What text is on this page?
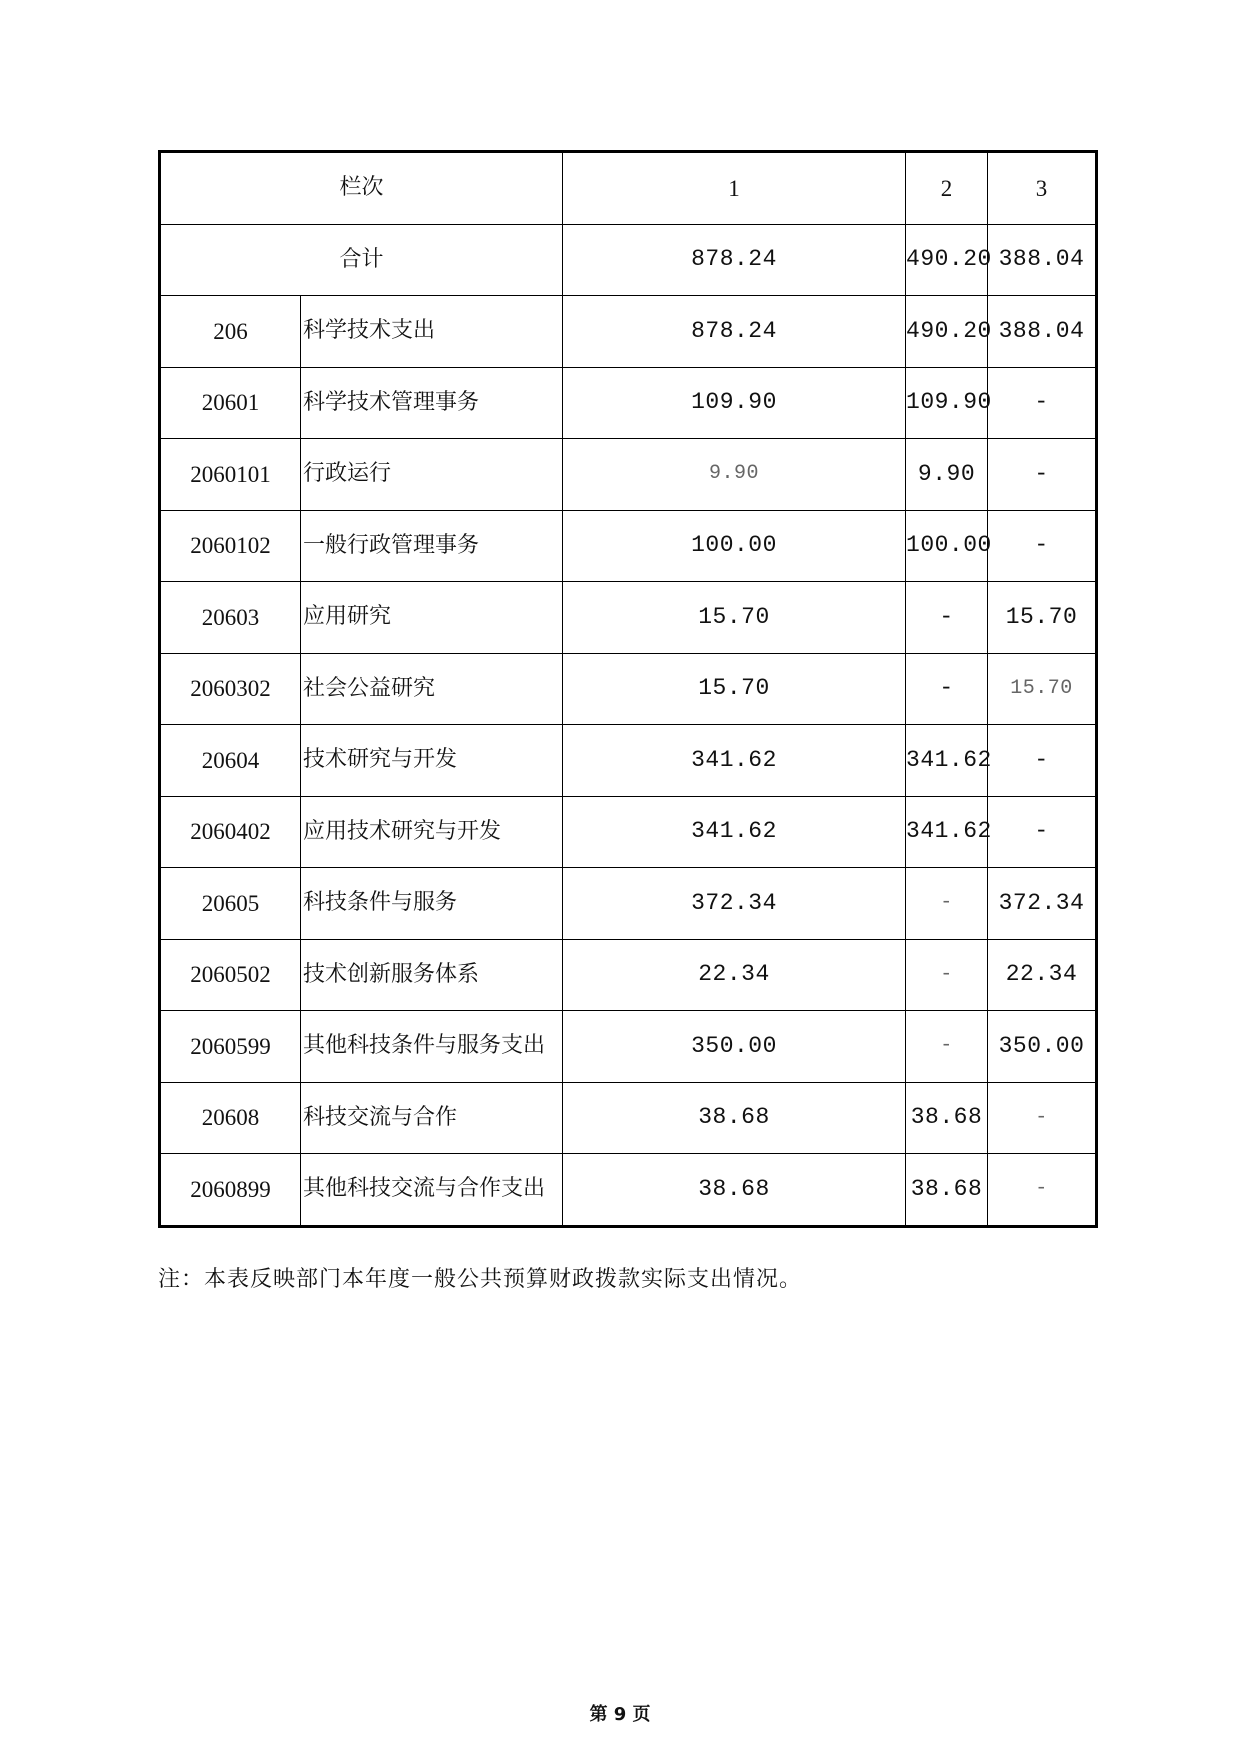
栏次		1	2	3
合计		878.24	490.20	388.04
206	科学技术支出	878.24	490.20	388.04
20601	科学技术管理事务	109.90	109.90	-
2060101	行政运行	9.90	9.90	-
2060102	一般行政管理事务	100.00	100.00	-
20603	应用研究	15.70	-	15.70
2060302	社会公益研究	15.70	-	15.70
20604	技术研究与开发	341.62	341.62	-
2060402	应用技术研究与开发	341.62	341.62	-
20605	科技条件与服务	372.34	-	372.34
2060502	技术创新服务体系	22.34	-	22.34
2060599	其他科技条件与服务支出	350.00	-	350.00
20608	科技交流与合作	38.68	38.68	-
2060899	其他科技交流与合作支出	38.68	38.68	-
注：本表反映部门本年度一般公共预算财政拨款实际支出情况。
第 9 页
